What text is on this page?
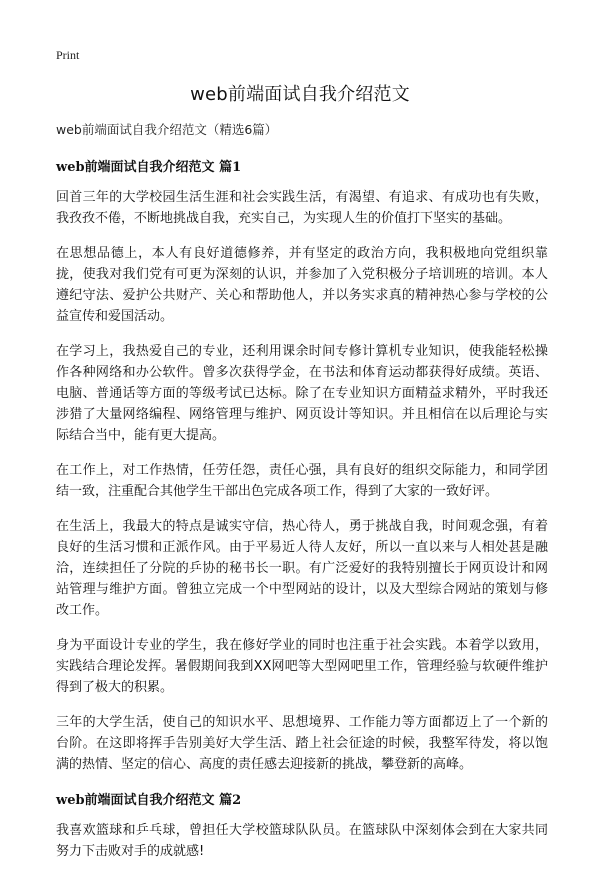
Print
web前端面试自我介绍范文

web前端面试自我介绍范文（精选6篇）

web前端面试自我介绍范文 篇1

回首三年的大学校园生活生涯和社会实践生活，有渴望、有追求、有成功也有失败，我孜孜不倦，不断地挑战自我，充实自己，为实现人生的价值打下坚实的基础。

在思想品德上，本人有良好道德修养，并有坚定的政治方向，我积极地向党组织靠拢，使我对我们党有可更为深刻的认识，并参加了入党积极分子培训班的培训。本人遵纪守法、爱护公共财产、关心和帮助他人，并以务实求真的精神热心参与学校的公益宣传和爱国活动。

在学习上，我热爱自己的专业，还利用课余时间专修计算机专业知识，使我能轻松操作各种网络和办公软件。曾多次获得学金，在书法和体育运动都获得好成绩。英语、电脑、普通话等方面的等级考试已达标。除了在专业知识方面精益求精外，平时我还涉猎了大量网络编程、网络管理与维护、网页设计等知识。并且相信在以后理论与实际结合当中，能有更大提高。

在工作上，对工作热情，任劳任怨，责任心强，具有良好的组织交际能力，和同学团结一致，注重配合其他学生干部出色完成各项工作，得到了大家的一致好评。

在生活上，我最大的特点是诚实守信，热心待人，勇于挑战自我，时间观念强，有着良好的生活习惯和正派作风。由于平易近人待人友好，所以一直以来与人相处甚是融洽，连续担任了分院的乒协的秘书长一职。有广泛爱好的我特别擅长于网页设计和网站管理与维护方面。曾独立完成一个中型网站的设计，以及大型综合网站的策划与修改工作。

身为平面设计专业的学生，我在修好学业的同时也注重于社会实践。本着学以致用，实践结合理论发挥。暑假期间我到XX网吧等大型网吧里工作，管理经验与软硬件维护得到了极大的积累。

三年的大学生活，使自己的知识水平、思想境界、工作能力等方面都迈上了一个新的台阶。在这即将挥手告别美好大学生活、踏上社会征途的时候，我整军待发，将以饱满的热情、坚定的信心、高度的责任感去迎接新的挑战，攀登新的高峰。

web前端面试自我介绍范文 篇2

我喜欢篮球和乒乓球，曾担任大学校篮球队队员。在篮球队中深刻体会到在大家共同努力下击败对手的成就感!
